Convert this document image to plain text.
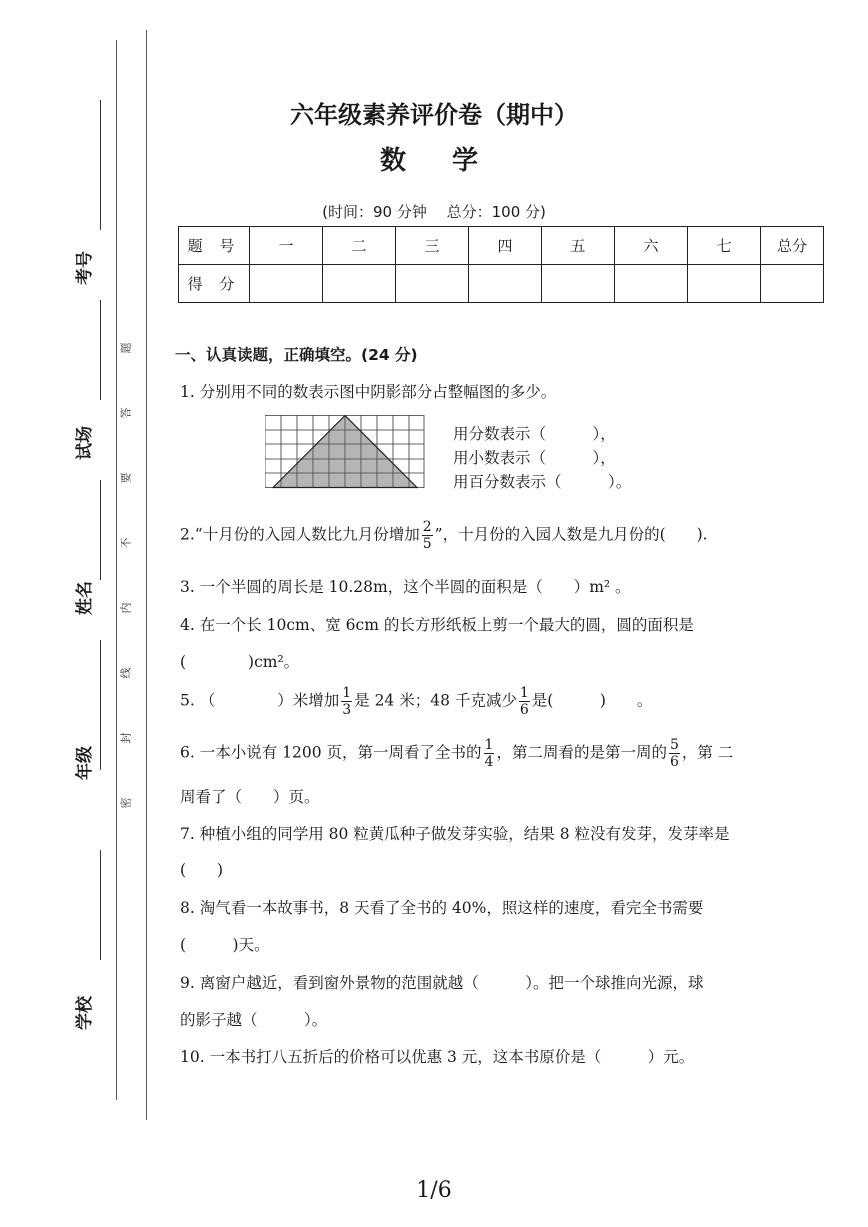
考号
试场
姓名
年级
学校
题
答
要
不
内
线
封
密
六年级素养评价卷（期中）
数　学
(时间：90 分钟　 总分：100 分)
题 号	一	二	三	四	五	六	七	总分
得 分								
一、认真读题，正确填空。(24 分)
1. 分别用不同的数表示图中阴影部分占整幅图的多少。
用分数表示（　　　），
用小数表示（　　　），
用百分数表示（　　　）。
2.“十月份的入园人数比九月份增加 $\frac{2}{5}$ ”，十月份的入园人数是九月份的(　　).
3. 一个半圆的周长是 10.28m，这个半圆的面积是（　　）m² 。
4. 在一个长 10cm、宽 6cm 的长方形纸板上剪一个最大的圆，圆的面积是
(　　　　)cm²。
5. （　　　　）米增加 $\frac{1}{3}$ 是 24 米；48 千克减少 $\frac{1}{6}$ 是(　　　)　　。
6. 一本小说有 1200 页，第一周看了全书的 $\frac{1}{4}$ ，第二周看的是第一周的 $\frac{5}{6}$ ，第 二
周看了（　　）页。
7. 种植小组的同学用 80 粒黄瓜种子做发芽实验，结果 8 粒没有发芽，发芽率是
(　　)
8. 淘气看一本故事书，8 天看了全书的 40%，照这样的速度，看完全书需要
(　　　)天。
9. 离窗户越近，看到窗外景物的范围就越（　　　）。把一个球推向光源，球
的影子越（　　　）。
10. 一本书打八五折后的价格可以优惠 3 元，这本书原价是（　　　）元。
1/6
